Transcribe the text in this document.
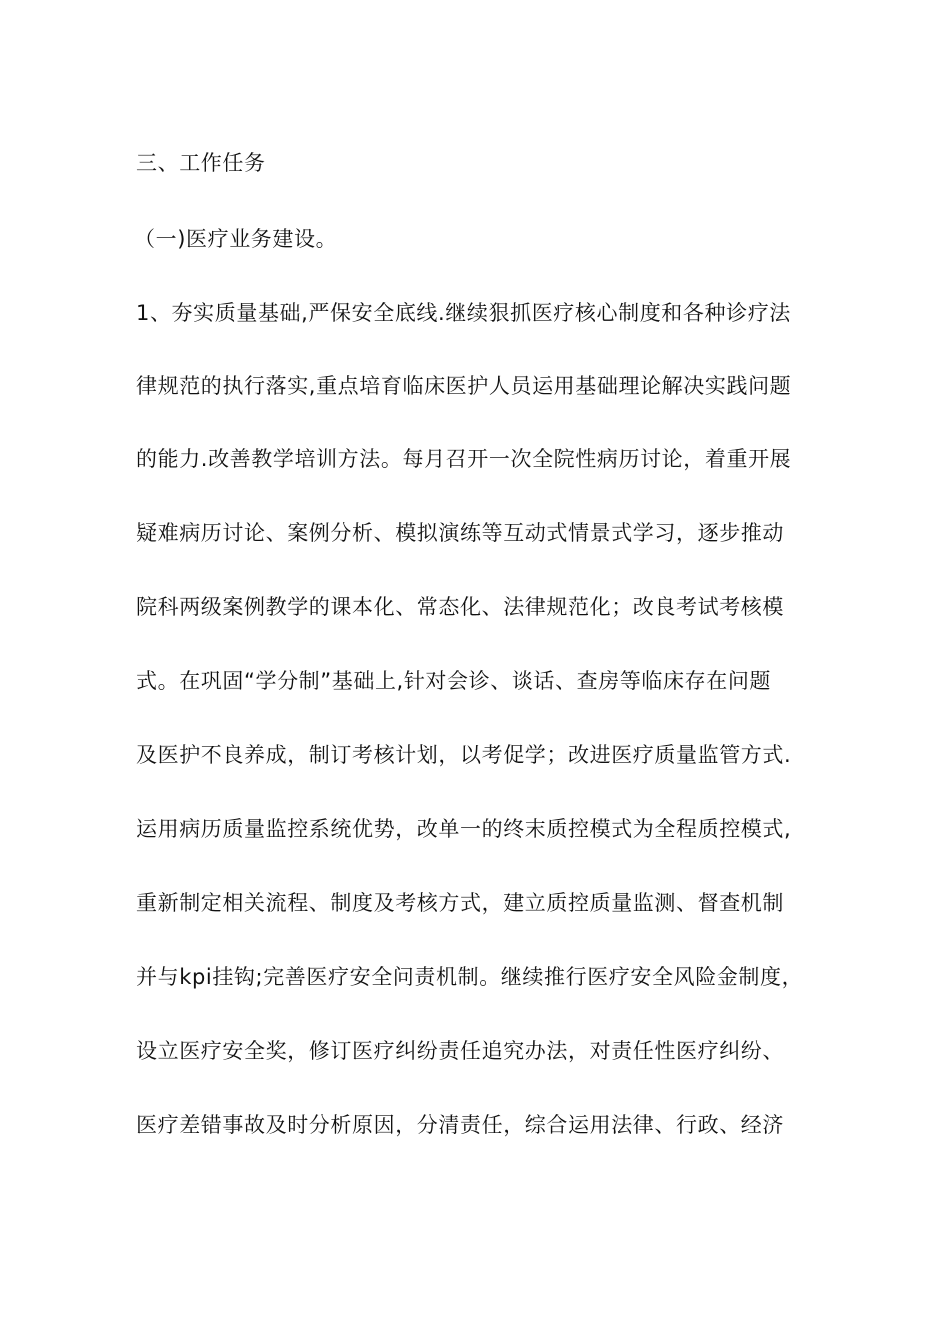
三、工作任务
（一)医疗业务建设。
1、夯实质量基础,严保安全底线.继续狠抓医疗核心制度和各种诊疗法
律规范的执行落实,重点培育临床医护人员运用基础理论解决实践问题
的能力.改善教学培训方法。每月召开一次全院性病历讨论，着重开展
疑难病历讨论、案例分析、模拟演练等互动式情景式学习，逐步推动
院科两级案例教学的课本化、常态化、法律规范化；改良考试考核模
式。在巩固“学分制”基础上,针对会诊、谈话、查房等临床存在问题
及医护不良养成，制订考核计划，以考促学；改进医疗质量监管方式.
运用病历质量监控系统优势，改单一的终末质控模式为全程质控模式,
重新制定相关流程、制度及考核方式，建立质控质量监测、督查机制
并与kpi挂钩;完善医疗安全问责机制。继续推行医疗安全风险金制度，
设立医疗安全奖，修订医疗纠纷责任追究办法，对责任性医疗纠纷、
医疗差错事故及时分析原因，分清责任，综合运用法律、行政、经济
